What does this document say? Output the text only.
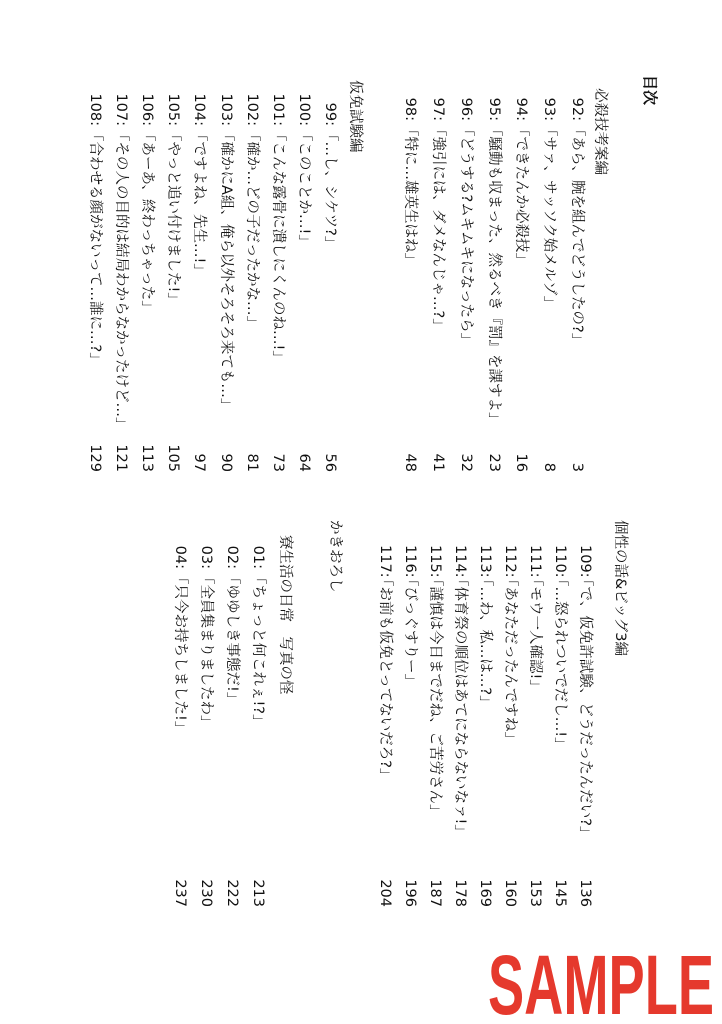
目次
必殺技考案編
92:
「あら、腕を組んでどうしたの?」
3
93:
「サァ、サッソク始メルゾ」
8
94:
「できたんか必殺技」
16
95:
「騒動も収まった、然るべき『罰』を課すよ」
23
96:
「どうする?ムキムキになったら」
32
97:
「強引には、ダメなんじゃ…?」
41
98:
「特に…雄英生はね」
48
仮免試験編
99:
「…し、シケツ?」
56
100:
「このことか…!」
64
101:
「こんな露骨に潰しにくんのね…!」
73
102:
「確か…どの子だったかな…」
81
103:
「確かにA組、俺ら以外そろそろ来ても…」
90
104:
「ですよね、先生…!」
97
105:
「やっと追い付けました!」
105
106:
「あーあ、終わっちゃった」
113
107:
「その人の目的は結局わからなかったけど…」
121
108:
「合わせる顔がないって…誰に…?」
129
個性の話&ビッグ3編
109:
「で、仮免許試験、どうだったんだい?」
136
110:
「…怒られついでだし…!」
145
111:
「モウ一人確認!」
153
112:
「あなただったんですね」
160
113:
「…わ、私…は…?」
169
114:
「体育祭の順位はあてにならないなァ!」
178
115:
「謹慎は今日までだね、ご苦労さん」
187
116:
「びっぐすりー」
196
117:
「お前も仮免とってないだろ?」
204
かきおろし
寮生活の日常　写真の怪
01:
「ちょっと何これぇ!?」
213
02:
「ゆゆしき事態だ!」
222
03:
「全員集まりましたわ」
230
04:
「只今お持ちしました!」
237
SAMPLE
